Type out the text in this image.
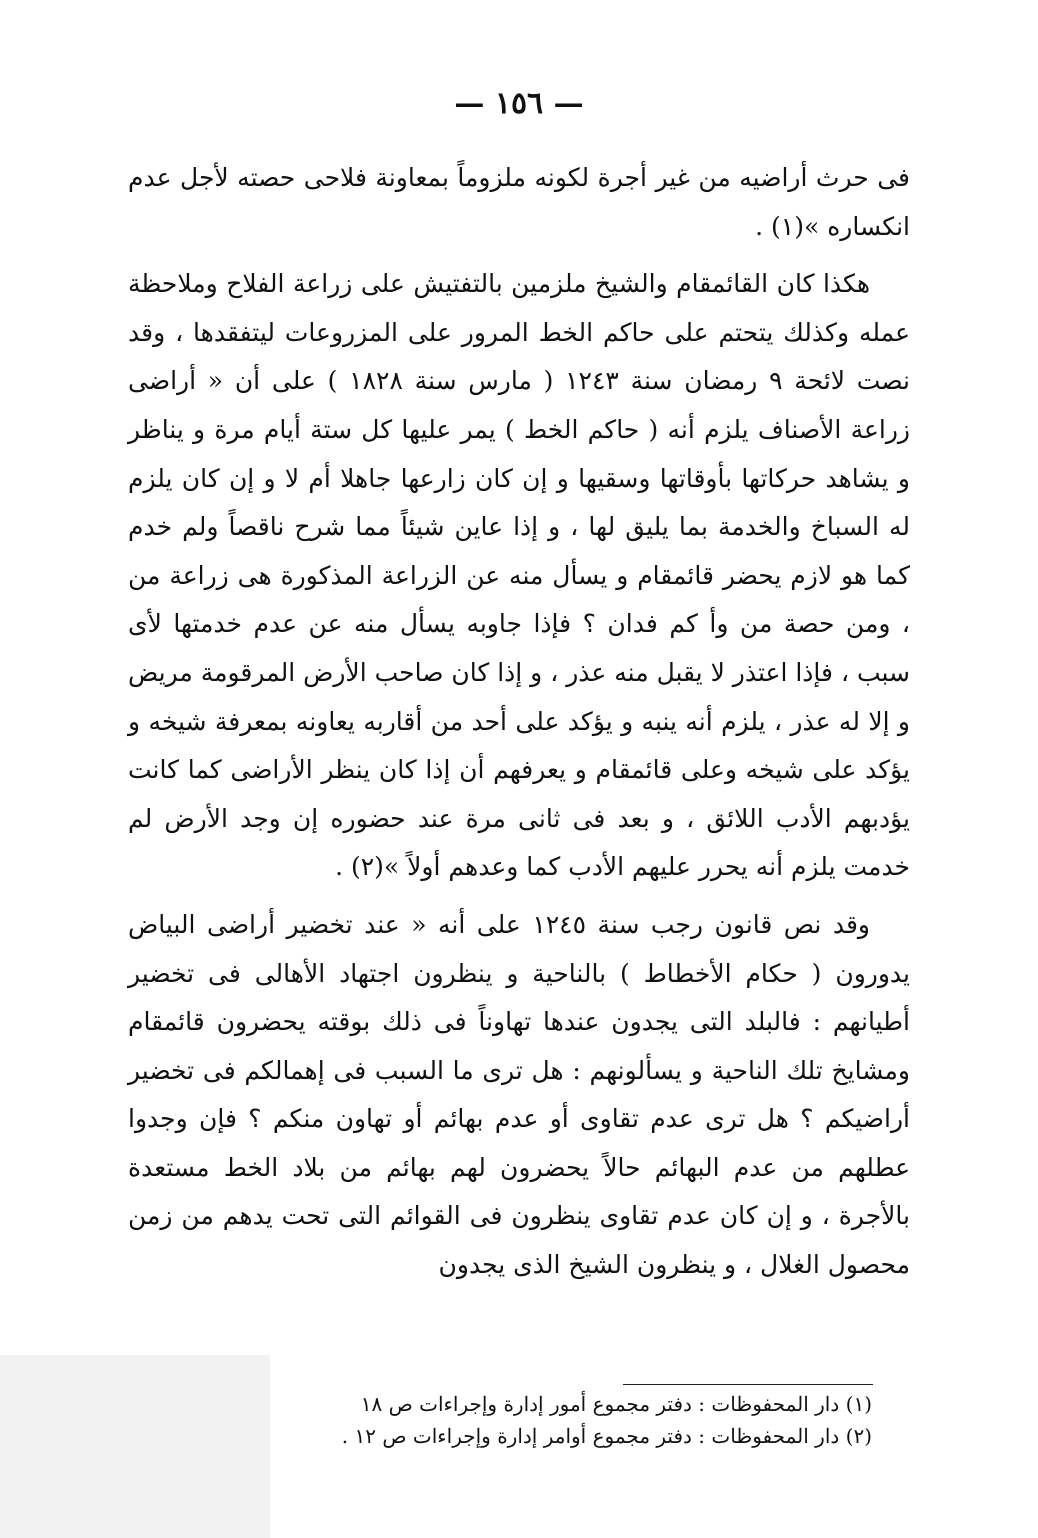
— ١٥٦ —

فى حرث أراضيه من غير أجرة لكونه ملزوماً بمعاونة فلاحى حصته لأجل عدم انكساره »(١) .

هكذا كان القائمقام والشيخ ملزمين بالتفتيش على زراعة الفلاح وملاحظة عمله وكذلك يتحتم على حاكم الخط المرور على المزروعات ليتفقدها ، وقد نصت لائحة ٩ رمضان سنة ١٢٤٣ ( مارس سنة ١٨٢٨ ) على أن « أراضى زراعة الأصناف يلزم أنه ( حاكم الخط ) يمر عليها كل ستة أيام مرة و يناظر و يشاهد حركاتها بأوقاتها وسقيها و إن كان زارعها جاهلا أم لا و إن كان يلزم له السباخ والخدمة بما يليق لها ، و إذا عاين شيئاً مما شرح ناقصاً ولم خدم كما هو لازم يحضر قائمقام و يسأل منه عن الزراعة المذكورة هى زراعة من ، ومن حصة من وأ كم فدان ؟ فإذا جاوبه يسأل منه عن عدم خدمتها لأى سبب ، فإذا اعتذر لا يقبل منه عذر ، و إذا كان صاحب الأرض المرقومة مريض و إلا له عذر ، يلزم أنه ينبه و يؤكد على أحد من أقاربه يعاونه بمعرفة شيخه و يؤكد على شيخه وعلى قائمقام و يعرفهم أن إذا كان ينظر الأراضى كما كانت يؤدبهم الأدب اللائق ، و بعد فى ثانى مرة عند حضوره إن وجد الأرض لم خدمت يلزم أنه يحرر عليهم الأدب كما وعدهم أولاً »(٢) .

وقد نص قانون رجب سنة ١٢٤٥ على أنه « عند تخضير أراضى البياض يدورون ( حكام الأخطاط ) بالناحية و ينظرون اجتهاد الأهالى فى تخضير أطيانهم : فالبلد التى يجدون عندها تهاوناً فى ذلك بوقته يحضرون قائمقام ومشايخ تلك الناحية و يسألونهم : هل ترى ما السبب فى إهمالكم فى تخضير أراضيكم ؟ هل ترى عدم تقاوى أو عدم بهائم أو تهاون منكم ؟ فإن وجدوا عطلهم من عدم البهائم حالاً يحضرون لهم بهائم من بلاد الخط مستعدة بالأجرة ، و إن كان عدم تقاوى ينظرون فى القوائم التى تحت يدهم من زمن محصول الغلال ، و ينظرون الشيخ الذى يجدون

(١) دار المحفوظات : دفتر مجموع أمور إدارة وإجراءات ص ١٨

(٢) دار المحفوظات : دفتر مجموع أوامر إدارة وإجراءات ص ١٢ .
